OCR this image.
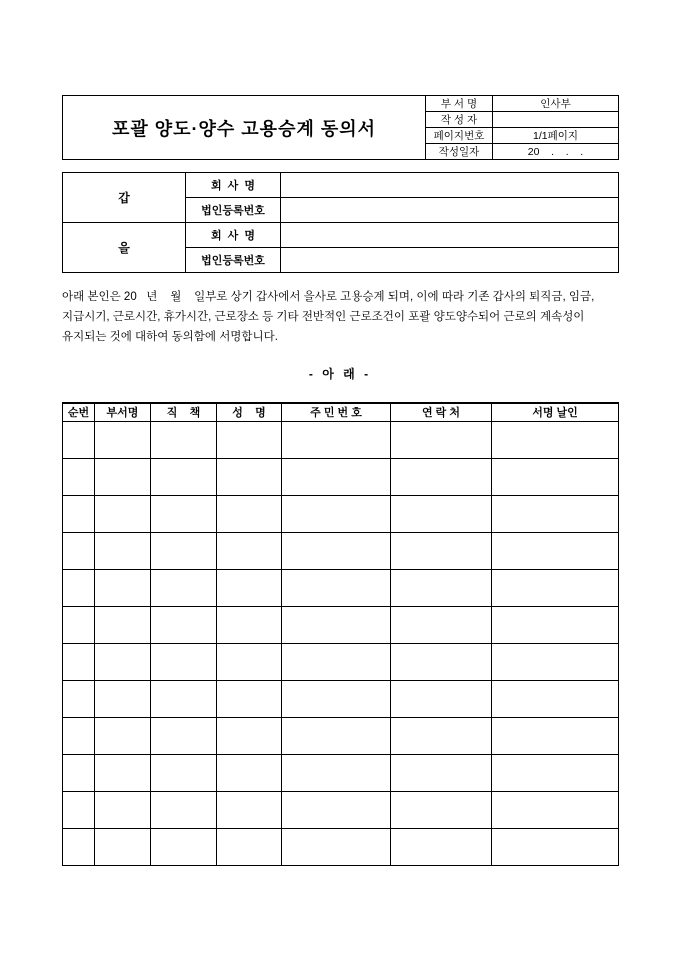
포괄 양도·양수 고용승계 동의서	부 서 명	인사부
	작 성 자	
	페이지번호	1/1페이지
	작성일자	20    .    .    .
갑	회  사  명	
	법인등록번호	
을	회  사  명	
	법인등록번호	
아래 본인은 20   년    월    일부로 상기 갑사에서 을사로 고용승계 되며, 이에 따라 기존 갑사의 퇴직금, 임금, 지급시기, 근로시간, 휴가시간, 근로장소 등 기타 전반적인 근로조건이 포괄 양도양수되어 근로의 계속성이 유지되는 것에 대하여 동의함에 서명합니다.
- 아 래 -
순번	부서명	직    책	성    명	주 민 번 호	연 락 처	서명 날인
